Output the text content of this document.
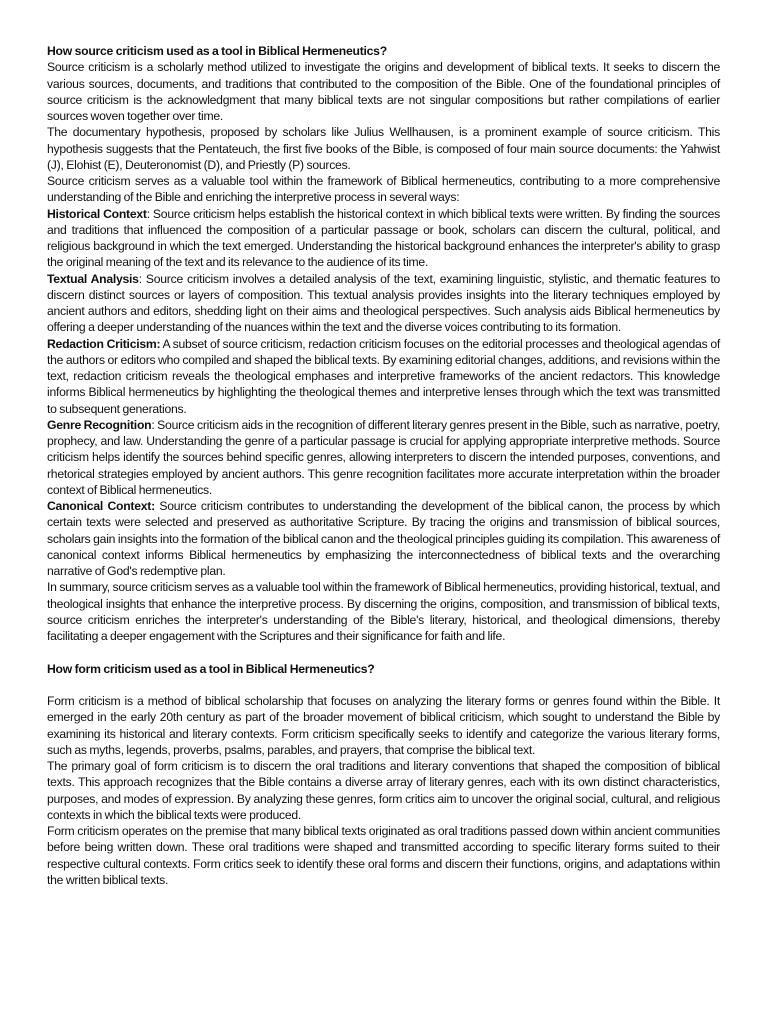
How source criticism used as a tool in Biblical Hermeneutics?

Source criticism is a scholarly method utilized to investigate the origins and development of biblical texts. It seeks to discern the various sources, documents, and traditions that contributed to the composition of the Bible. One of the foundational principles of source criticism is the acknowledgment that many biblical texts are not singular compositions but rather compilations of earlier sources woven together over time.

The documentary hypothesis, proposed by scholars like Julius Wellhausen, is a prominent example of source criticism. This hypothesis suggests that the Pentateuch, the first five books of the Bible, is composed of four main source documents: the Yahwist (J), Elohist (E), Deuteronomist (D), and Priestly (P) sources.

Source criticism serves as a valuable tool within the framework of Biblical hermeneutics, contributing to a more comprehensive understanding of the Bible and enriching the interpretive process in several ways:

Historical Context: Source criticism helps establish the historical context in which biblical texts were written. By finding the sources and traditions that influenced the composition of a particular passage or book, scholars can discern the cultural, political, and religious background in which the text emerged. Understanding the historical background enhances the interpreter's ability to grasp the original meaning of the text and its relevance to the audience of its time.

Textual Analysis: Source criticism involves a detailed analysis of the text, examining linguistic, stylistic, and thematic features to discern distinct sources or layers of composition. This textual analysis provides insights into the literary techniques employed by ancient authors and editors, shedding light on their aims and theological perspectives. Such analysis aids Biblical hermeneutics by offering a deeper understanding of the nuances within the text and the diverse voices contributing to its formation.

Redaction Criticism: A subset of source criticism, redaction criticism focuses on the editorial processes and theological agendas of the authors or editors who compiled and shaped the biblical texts. By examining editorial changes, additions, and revisions within the text, redaction criticism reveals the theological emphases and interpretive frameworks of the ancient redactors. This knowledge informs Biblical hermeneutics by highlighting the theological themes and interpretive lenses through which the text was transmitted to subsequent generations.

Genre Recognition: Source criticism aids in the recognition of different literary genres present in the Bible, such as narrative, poetry, prophecy, and law. Understanding the genre of a particular passage is crucial for applying appropriate interpretive methods. Source criticism helps identify the sources behind specific genres, allowing interpreters to discern the intended purposes, conventions, and rhetorical strategies employed by ancient authors. This genre recognition facilitates more accurate interpretation within the broader context of Biblical hermeneutics.

Canonical Context: Source criticism contributes to understanding the development of the biblical canon, the process by which certain texts were selected and preserved as authoritative Scripture. By tracing the origins and transmission of biblical sources, scholars gain insights into the formation of the biblical canon and the theological principles guiding its compilation. This awareness of canonical context informs Biblical hermeneutics by emphasizing the interconnectedness of biblical texts and the overarching narrative of God's redemptive plan.

In summary, source criticism serves as a valuable tool within the framework of Biblical hermeneutics, providing historical, textual, and theological insights that enhance the interpretive process. By discerning the origins, composition, and transmission of biblical texts, source criticism enriches the interpreter's understanding of the Bible's literary, historical, and theological dimensions, thereby facilitating a deeper engagement with the Scriptures and their significance for faith and life.

How form criticism used as a tool in Biblical Hermeneutics?

Form criticism is a method of biblical scholarship that focuses on analyzing the literary forms or genres found within the Bible. It emerged in the early 20th century as part of the broader movement of biblical criticism, which sought to understand the Bible by examining its historical and literary contexts. Form criticism specifically seeks to identify and categorize the various literary forms, such as myths, legends, proverbs, psalms, parables, and prayers, that comprise the biblical text.

The primary goal of form criticism is to discern the oral traditions and literary conventions that shaped the composition of biblical texts. This approach recognizes that the Bible contains a diverse array of literary genres, each with its own distinct characteristics, purposes, and modes of expression. By analyzing these genres, form critics aim to uncover the original social, cultural, and religious contexts in which the biblical texts were produced.

Form criticism operates on the premise that many biblical texts originated as oral traditions passed down within ancient communities before being written down. These oral traditions were shaped and transmitted according to specific literary forms suited to their respective cultural contexts. Form critics seek to identify these oral forms and discern their functions, origins, and adaptations within the written biblical texts.
